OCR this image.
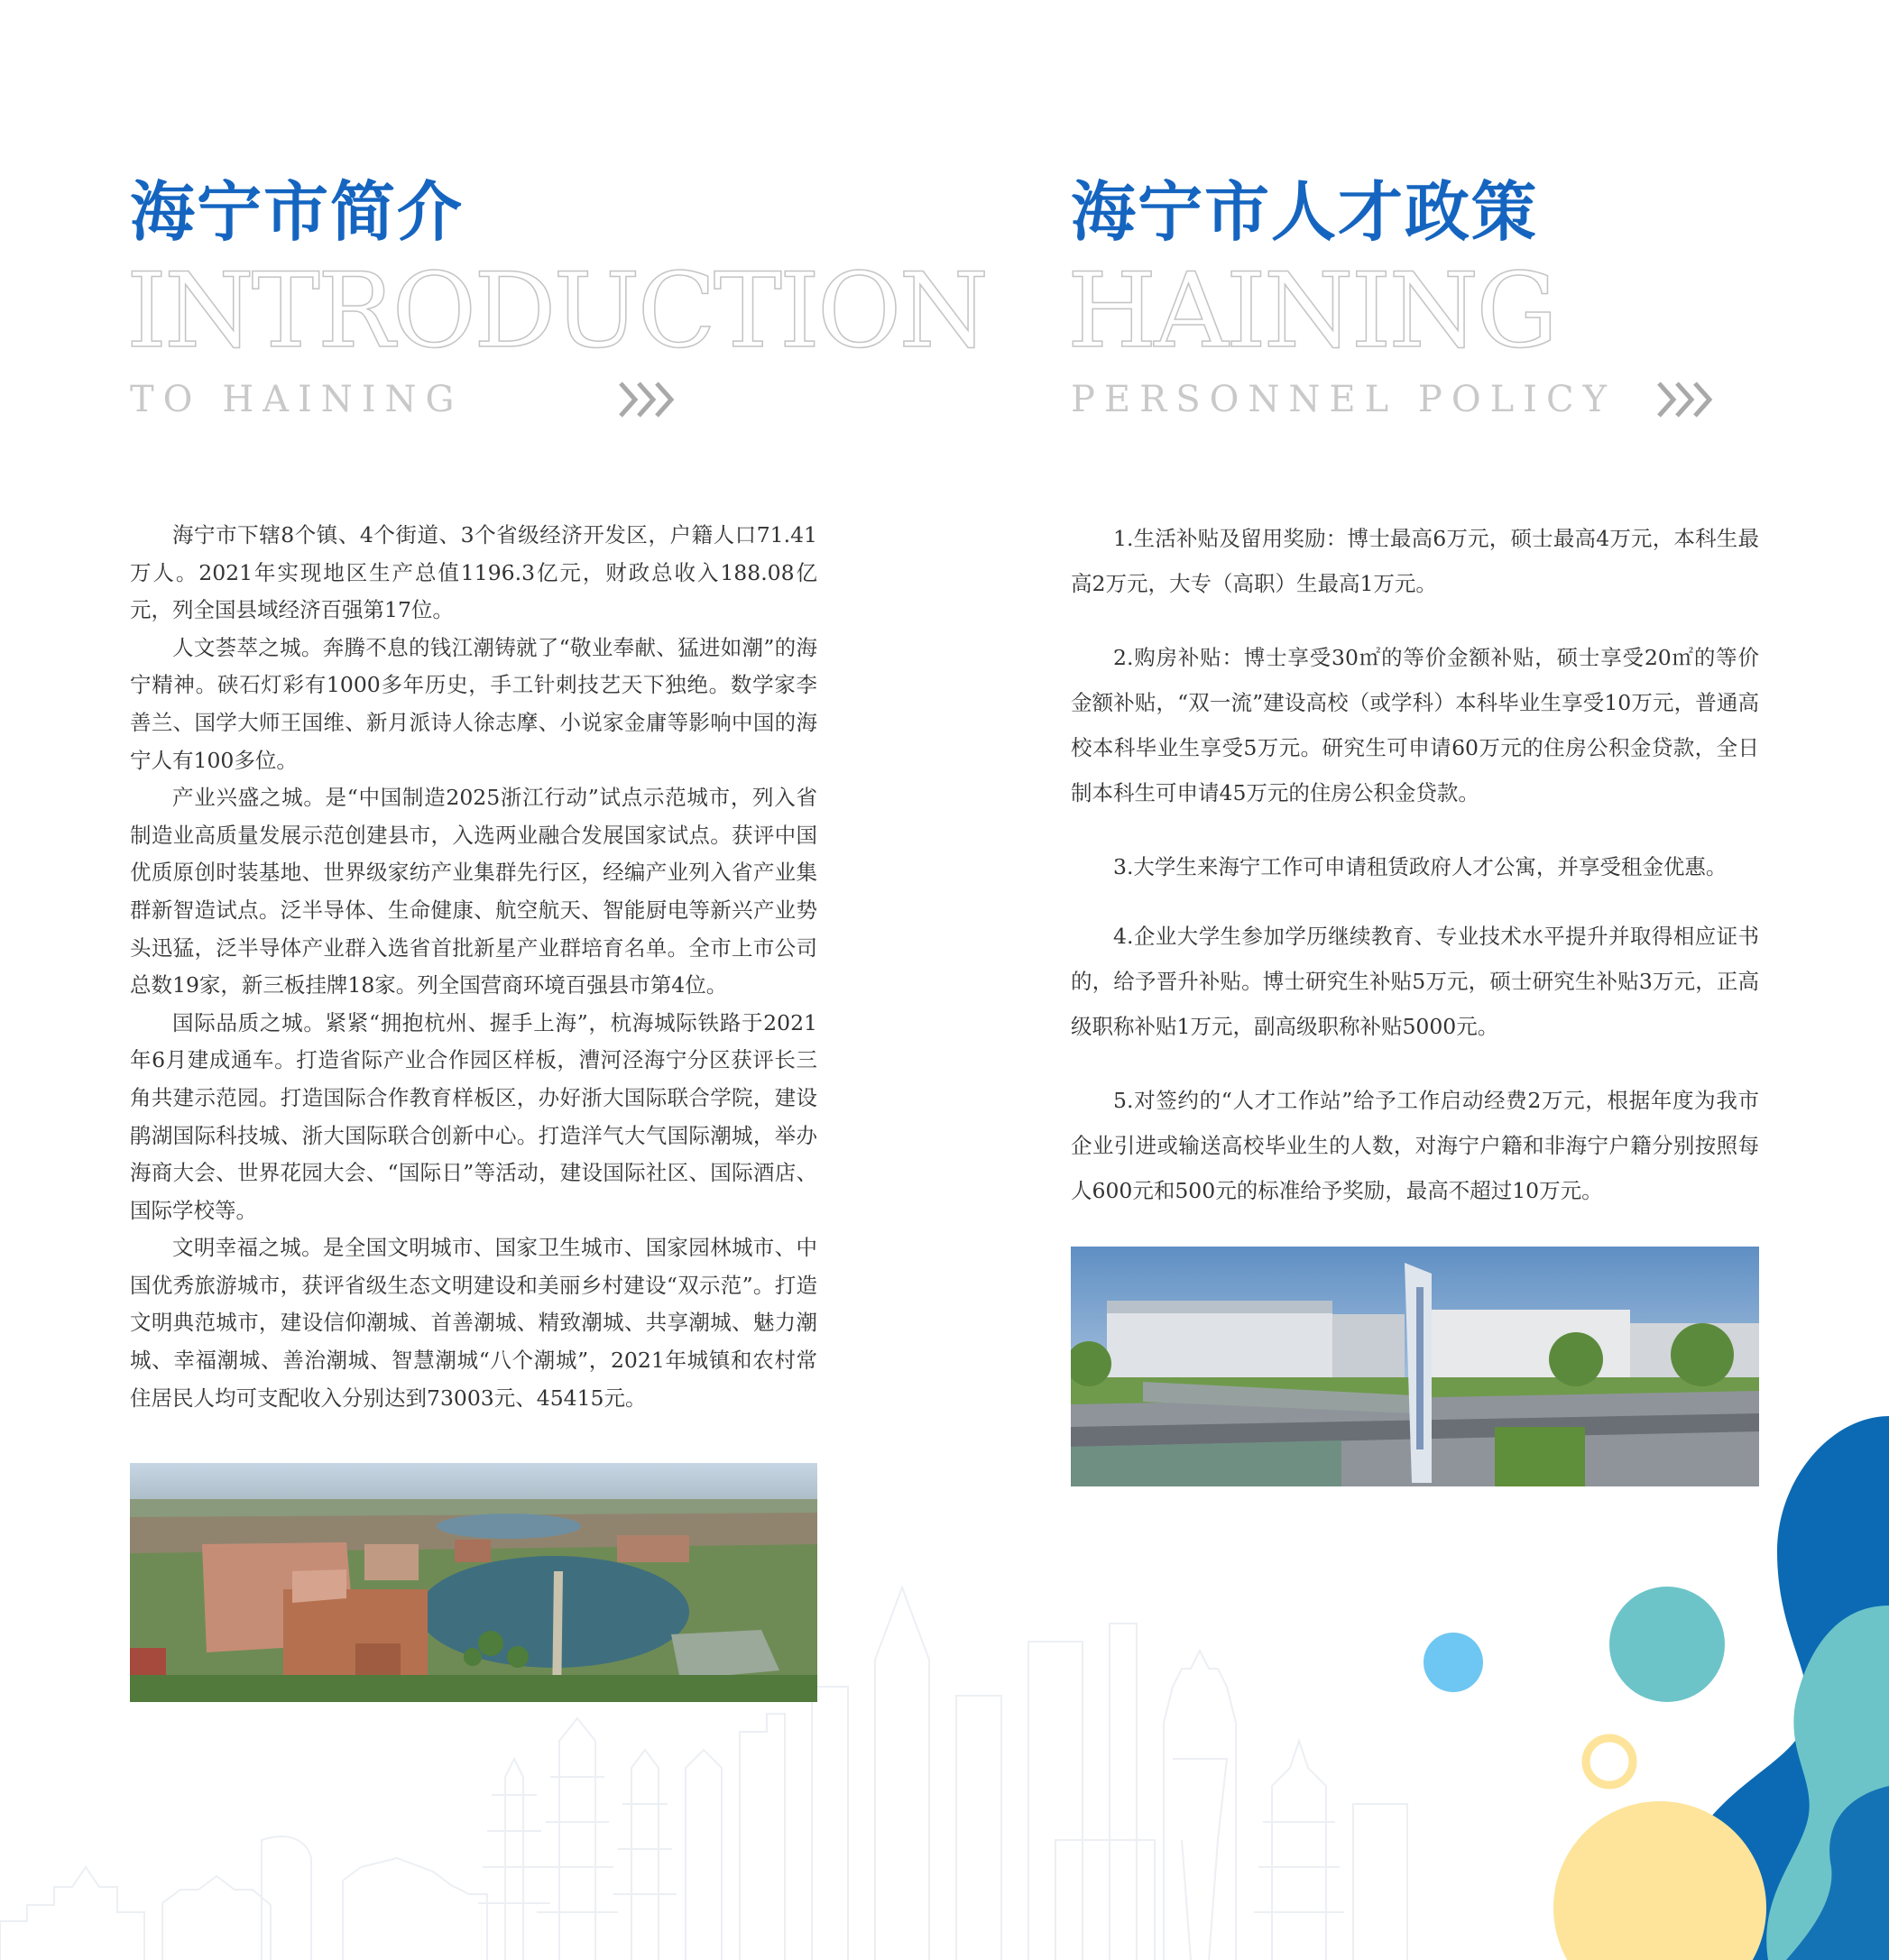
海宁市简介
INTRODUCTION
TO HAINING

海宁市下辖8个镇、4个街道、3个省级经济开发区，户籍人口71.41万人。2021年实现地区生产总值1196.3亿元，财政总收入188.08亿元，列全国县域经济百强第17位。

人文荟萃之城。奔腾不息的钱江潮铸就了“敬业奉献、猛进如潮”的海宁精神。硖石灯彩有1000多年历史，手工针刺技艺天下独绝。数学家李善兰、国学大师王国维、新月派诗人徐志摩、小说家金庸等影响中国的海宁人有100多位。

产业兴盛之城。是“中国制造2025浙江行动”试点示范城市，列入省制造业高质量发展示范创建县市，入选两业融合发展国家试点。获评中国优质原创时装基地、世界级家纺产业集群先行区，经编产业列入省产业集群新智造试点。泛半导体、生命健康、航空航天、智能厨电等新兴产业势头迅猛，泛半导体产业群入选省首批新星产业群培育名单。全市上市公司总数19家，新三板挂牌18家。列全国营商环境百强县市第4位。

国际品质之城。紧紧“拥抱杭州、握手上海”，杭海城际铁路于2021年6月建成通车。打造省际产业合作园区样板，漕河泾海宁分区获评长三角共建示范园。打造国际合作教育样板区，办好浙大国际联合学院，建设鹃湖国际科技城、浙大国际联合创新中心。打造洋气大气国际潮城，举办海商大会、世界花园大会、“国际日”等活动，建设国际社区、国际酒店、国际学校等。

文明幸福之城。是全国文明城市、国家卫生城市、国家园林城市、中国优秀旅游城市，获评省级生态文明建设和美丽乡村建设“双示范”。打造文明典范城市，建设信仰潮城、首善潮城、精致潮城、共享潮城、魅力潮城、幸福潮城、善治潮城、智慧潮城“八个潮城”，2021年城镇和农村常住居民人均可支配收入分别达到73003元、45415元。

海宁市人才政策
HAINING
PERSONNEL POLICY

1.生活补贴及留用奖励：博士最高6万元，硕士最高4万元，本科生最高2万元，大专（高职）生最高1万元。

2.购房补贴：博士享受30㎡的等价金额补贴，硕士享受20㎡的等价金额补贴，“双一流”建设高校（或学科）本科毕业生享受10万元，普通高校本科毕业生享受5万元。研究生可申请60万元的住房公积金贷款，全日制本科生可申请45万元的住房公积金贷款。

3.大学生来海宁工作可申请租赁政府人才公寓，并享受租金优惠。

4.企业大学生参加学历继续教育、专业技术水平提升并取得相应证书的，给予晋升补贴。博士研究生补贴5万元，硕士研究生补贴3万元，正高级职称补贴1万元，副高级职称补贴5000元。

5.对签约的“人才工作站”给予工作启动经费2万元，根据年度为我市企业引进或输送高校毕业生的人数，对海宁户籍和非海宁户籍分别按照每人600元和500元的标准给予奖励，最高不超过10万元。
